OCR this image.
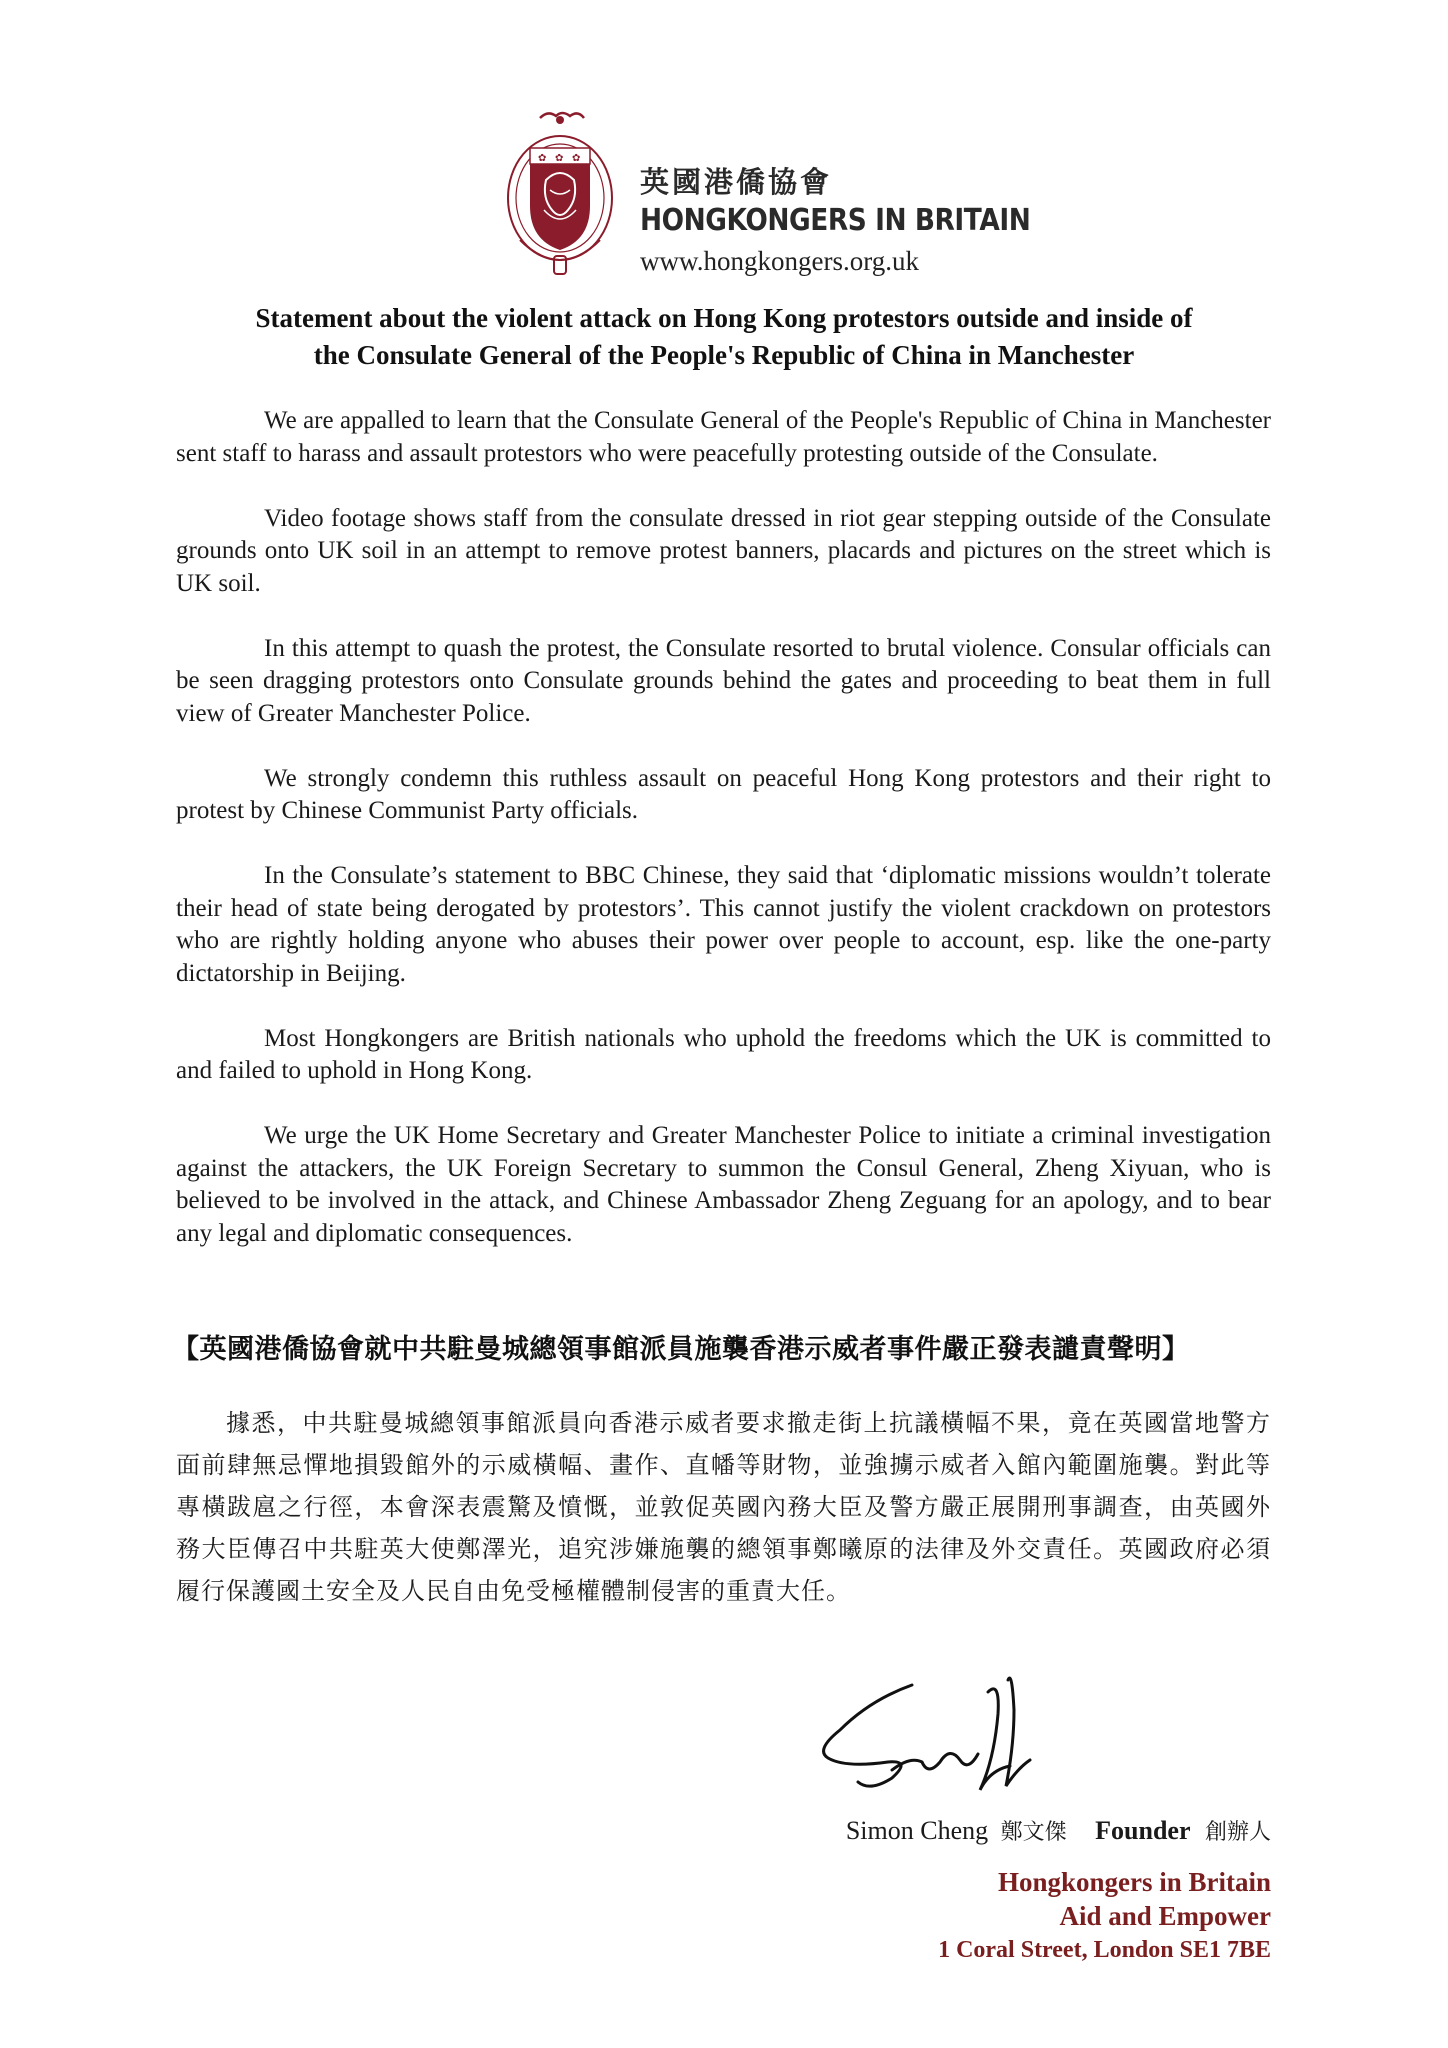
✿ ✿ ✿
英國港僑協會
HONGKONGERS IN BRITAIN
www.hongkongers.org.uk
Statement about the violent attack on Hong Kong protestors outside and inside of
the Consulate General of the People's Republic of China in Manchester

We are appalled to learn that the Consulate General of the People's Republic of China in Manchester sent staff to harass and assault protestors who were peacefully protesting outside of the Consulate.

Video footage shows staff from the consulate dressed in riot gear stepping outside of the Consulate grounds onto UK soil in an attempt to remove protest banners, placards and pictures on the street which is UK soil.

In this attempt to quash the protest, the Consulate resorted to brutal violence. Consular officials can be seen dragging protestors onto Consulate grounds behind the gates and proceeding to beat them in full view of Greater Manchester Police.

We strongly condemn this ruthless assault on peaceful Hong Kong protestors and their right to protest by Chinese Communist Party officials.

In the Consulate’s statement to BBC Chinese, they said that ‘diplomatic missions wouldn’t tolerate their head of state being derogated by protestors’. This cannot justify the violent crackdown on protestors who are rightly holding anyone who abuses their power over people to account, esp. like the one-party dictatorship in Beijing.

Most Hongkongers are British nationals who uphold the freedoms which the UK is committed to and failed to uphold in Hong Kong.

We urge the UK Home Secretary and Greater Manchester Police to initiate a criminal investigation against the attackers, the UK Foreign Secretary to summon the Consul General, Zheng Xiyuan, who is believed to be involved in the attack, and Chinese Ambassador Zheng Zeguang for an apology, and to bear any legal and diplomatic consequences.

【英國港僑協會就中共駐曼城總領事館派員施襲香港示威者事件嚴正發表譴責聲明】
據悉，中共駐曼城總領事館派員向香港示威者要求撤走街上抗議橫幅不果，竟在英國當地警方面前肆無忌憚地損毀館外的示威橫幅、畫作、直幡等財物，並強擄示威者入館內範圍施襲。對此等專橫跋扈之行徑，本會深表震驚及憤慨，並敦促英國內務大臣及警方嚴正展開刑事調查，由英國外務大臣傳召中共駐英大使鄭澤光，追究涉嫌施襲的總領事鄭曦原的法律及外交責任。英國政府必須履行保護國土安全及人民自由免受極權體制侵害的重責大任。
Simon Cheng 鄭文傑 Founder 創辦人
Hongkongers in Britain
Aid and Empower
1 Coral Street, London SE1 7BE
